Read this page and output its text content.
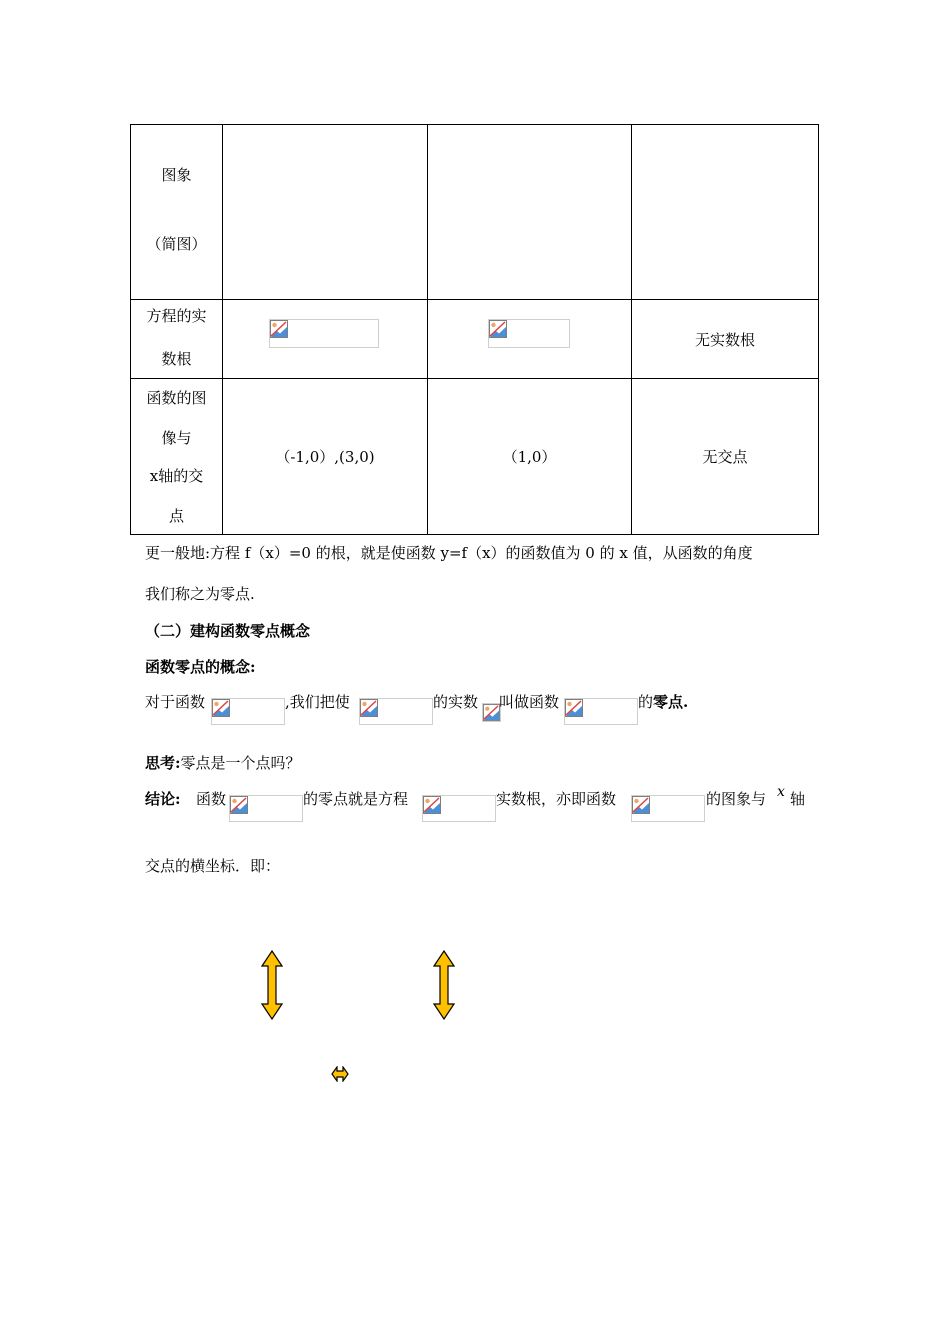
图象
（简图）			

方程的实
数根			无实数根

函数的图
像与
x轴的交
点	（-1,0）,(3,0)	（1,0）	无交点
更一般地:方程 f（x）=0 的根，就是使函数 y=f（x）的函数值为 0 的 x 值，从函数的角度
我们称之为零点.
（二）建构函数零点概念
函数零点的概念:
对于函数	,我们把使	的实数 叫做函数	的零点.
思考:零点是一个点吗？
结论: 函数	的零点就是方程	实数根，亦即函数	的图象与 x 轴
交点的横坐标．即：
